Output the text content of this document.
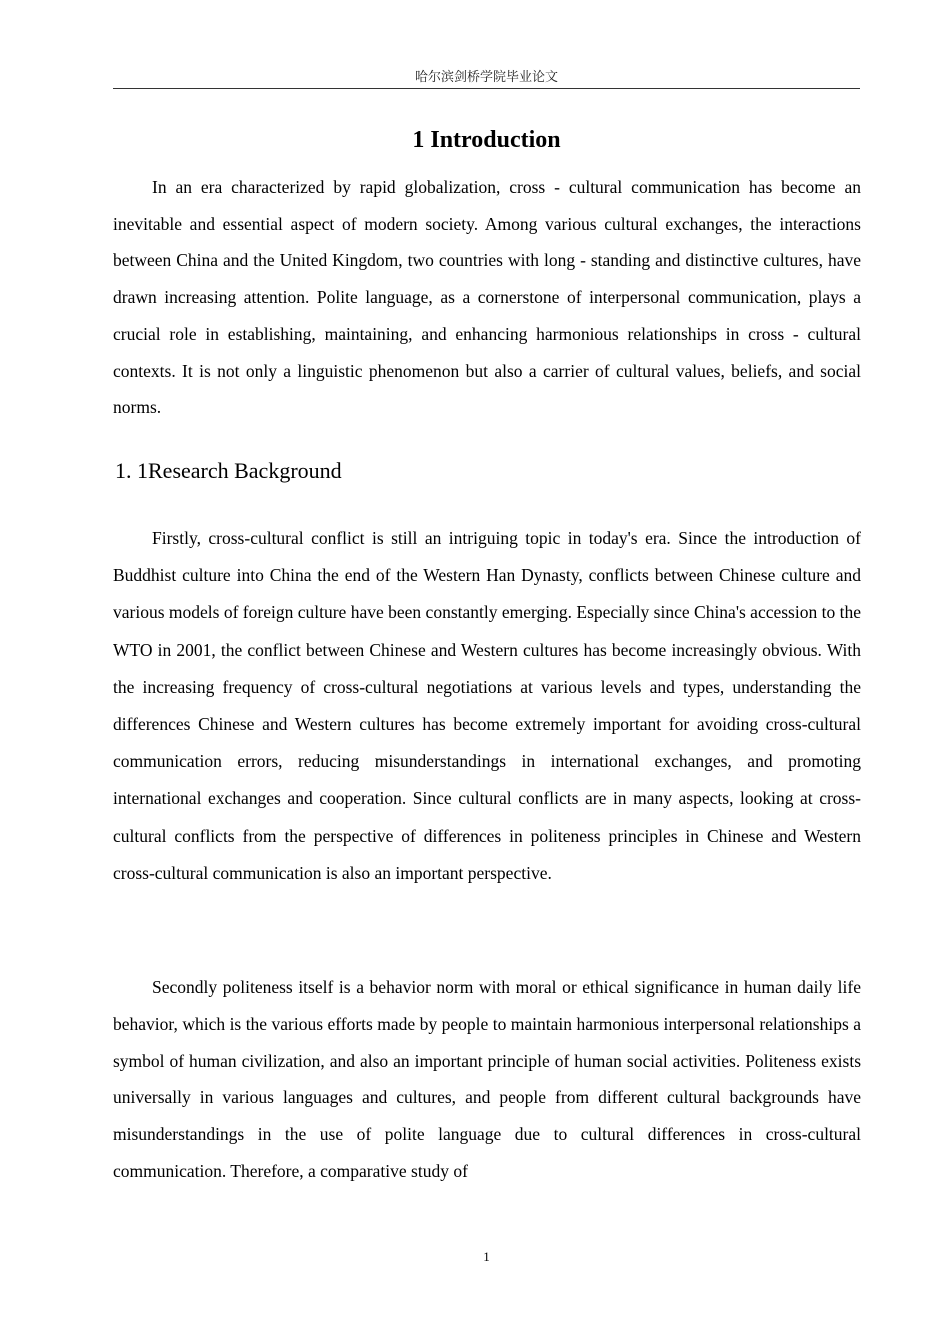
哈尔滨剑桥学院毕业论文
1 Introduction

In an era characterized by rapid globalization, cross - cultural communication has become an inevitable and essential aspect of modern society. Among various cultural exchanges, the interactions between China and the United Kingdom, two countries with long - standing and distinctive cultures, have drawn increasing attention. Polite language, as a cornerstone of interpersonal communication, plays a crucial role in establishing, maintaining, and enhancing harmonious relationships in cross - cultural contexts. It is not only a linguistic phenomenon but also a carrier of cultural values, beliefs, and social norms.

1. 1Research Background

Firstly, cross-cultural conflict is still an intriguing topic in today's era. Since the introduction of Buddhist culture into China the end of the Western Han Dynasty, conflicts between Chinese culture and various models of foreign culture have been constantly emerging. Especially since China's accession to the WTO in 2001, the conflict between Chinese and Western cultures has become increasingly obvious. With the increasing frequency of cross-cultural negotiations at various levels and types, understanding the differences Chinese and Western cultures has become extremely important for avoiding cross-cultural communication errors, reducing misunderstandings in international exchanges, and promoting international exchanges and cooperation. Since cultural conflicts are in many aspects, looking at cross-cultural conflicts from the perspective of differences in politeness principles in Chinese and Western cross-cultural communication is also an important perspective.

Secondly politeness itself is a behavior norm with moral or ethical significance in human daily life behavior, which is the various efforts made by people to maintain harmonious interpersonal relationships a symbol of human civilization, and also an important principle of human social activities. Politeness exists universally in various languages and cultures, and people from different cultural backgrounds have misunderstandings in the use of polite language due to cultural differences in cross-cultural communication. Therefore, a comparative study of

1
